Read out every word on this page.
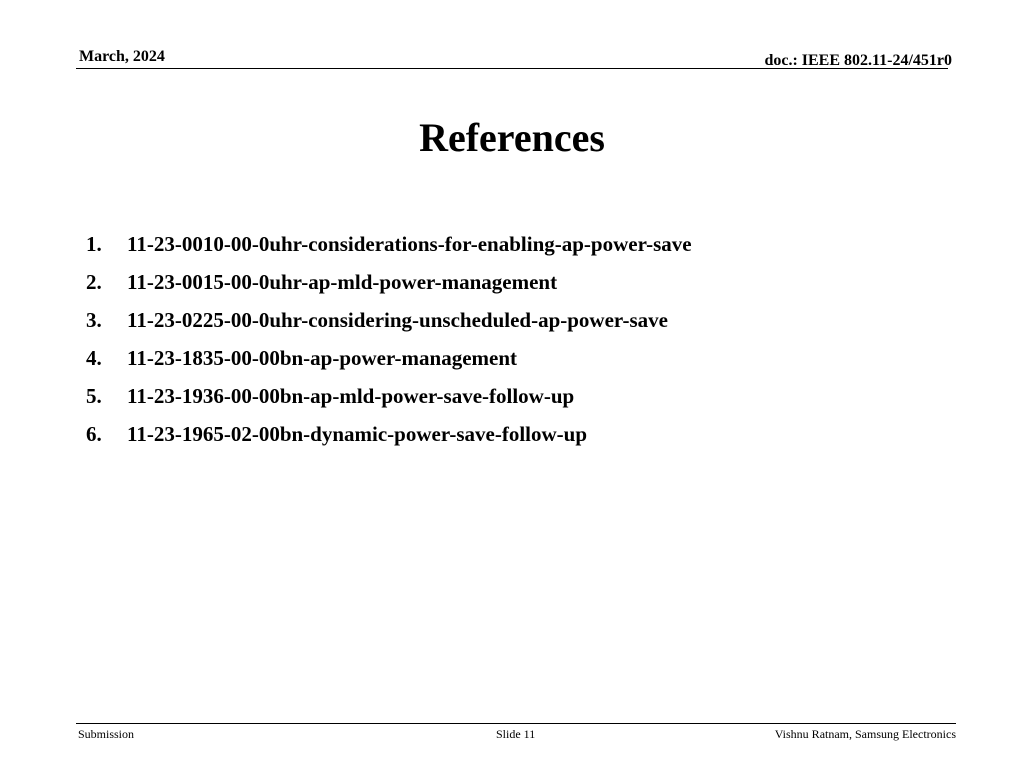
March, 2024	doc.: IEEE 802.11-24/451r0
References
1.	11-23-0010-00-0uhr-considerations-for-enabling-ap-power-save
2.	11-23-0015-00-0uhr-ap-mld-power-management
3.	11-23-0225-00-0uhr-considering-unscheduled-ap-power-save
4.	11-23-1835-00-00bn-ap-power-management
5.	11-23-1936-00-00bn-ap-mld-power-save-follow-up
6.	11-23-1965-02-00bn-dynamic-power-save-follow-up
Submission	Slide 11	Vishnu Ratnam, Samsung Electronics
